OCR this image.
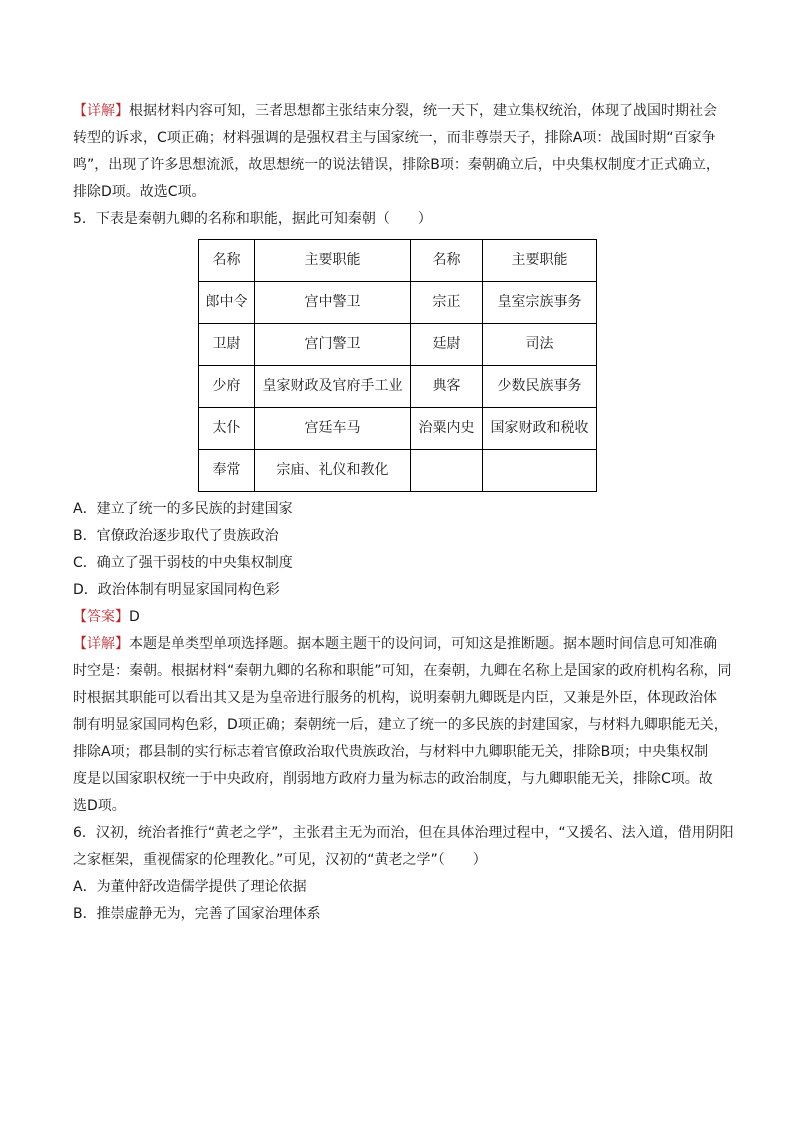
【详解】根据材料内容可知，三者思想都主张结束分裂，统一天下，建立集权统治，体现了战国时期社会
转型的诉求，C项正确；材料强调的是强权君主与国家统一，而非尊崇天子，排除A项：战国时期“百家争
鸣”，出现了许多思想流派，故思想统一的说法错误，排除B项：秦朝确立后，中央集权制度才正式确立，
排除D项。故选C项。
5．下表是秦朝九卿的名称和职能，据此可知秦朝（　　）
名称	主要职能	名称	主要职能
郎中令	宫中警卫	宗正	皇室宗族事务
卫尉	宫门警卫	廷尉	司法
少府	皇家财政及官府手工业	典客	少数民族事务
太仆	宫廷车马	治粟内史	国家财政和税收
奉常	宗庙、礼仪和教化		
A．建立了统一的多民族的封建国家
B．官僚政治逐步取代了贵族政治
C．确立了强干弱枝的中央集权制度
D．政治体制有明显家国同构色彩
【答案】D
【详解】本题是单类型单项选择题。据本题主题干的设问词，可知这是推断题。据本题时间信息可知准确
时空是：秦朝。根据材料“秦朝九卿的名称和职能”可知，在秦朝，九卿在名称上是国家的政府机构名称，同
时根据其职能可以看出其又是为皇帝进行服务的机构，说明秦朝九卿既是内臣，又兼是外臣，体现政治体
制有明显家国同构色彩，D项正确；秦朝统一后，建立了统一的多民族的封建国家，与材料九卿职能无关，
排除A项；郡县制的实行标志着官僚政治取代贵族政治，与材料中九卿职能无关，排除B项；中央集权制
度是以国家职权统一于中央政府，削弱地方政府力量为标志的政治制度，与九卿职能无关，排除C项。故
选D项。
6．汉初，统治者推行“黄老之学”，主张君主无为而治，但在具体治理过程中，“又援名、法入道，借用阴阳
之家框架，重视儒家的伦理教化。”可见，汉初的“黄老之学”（　　）
A．为董仲舒改造儒学提供了理论依据
B．推崇虚静无为，完善了国家治理体系
